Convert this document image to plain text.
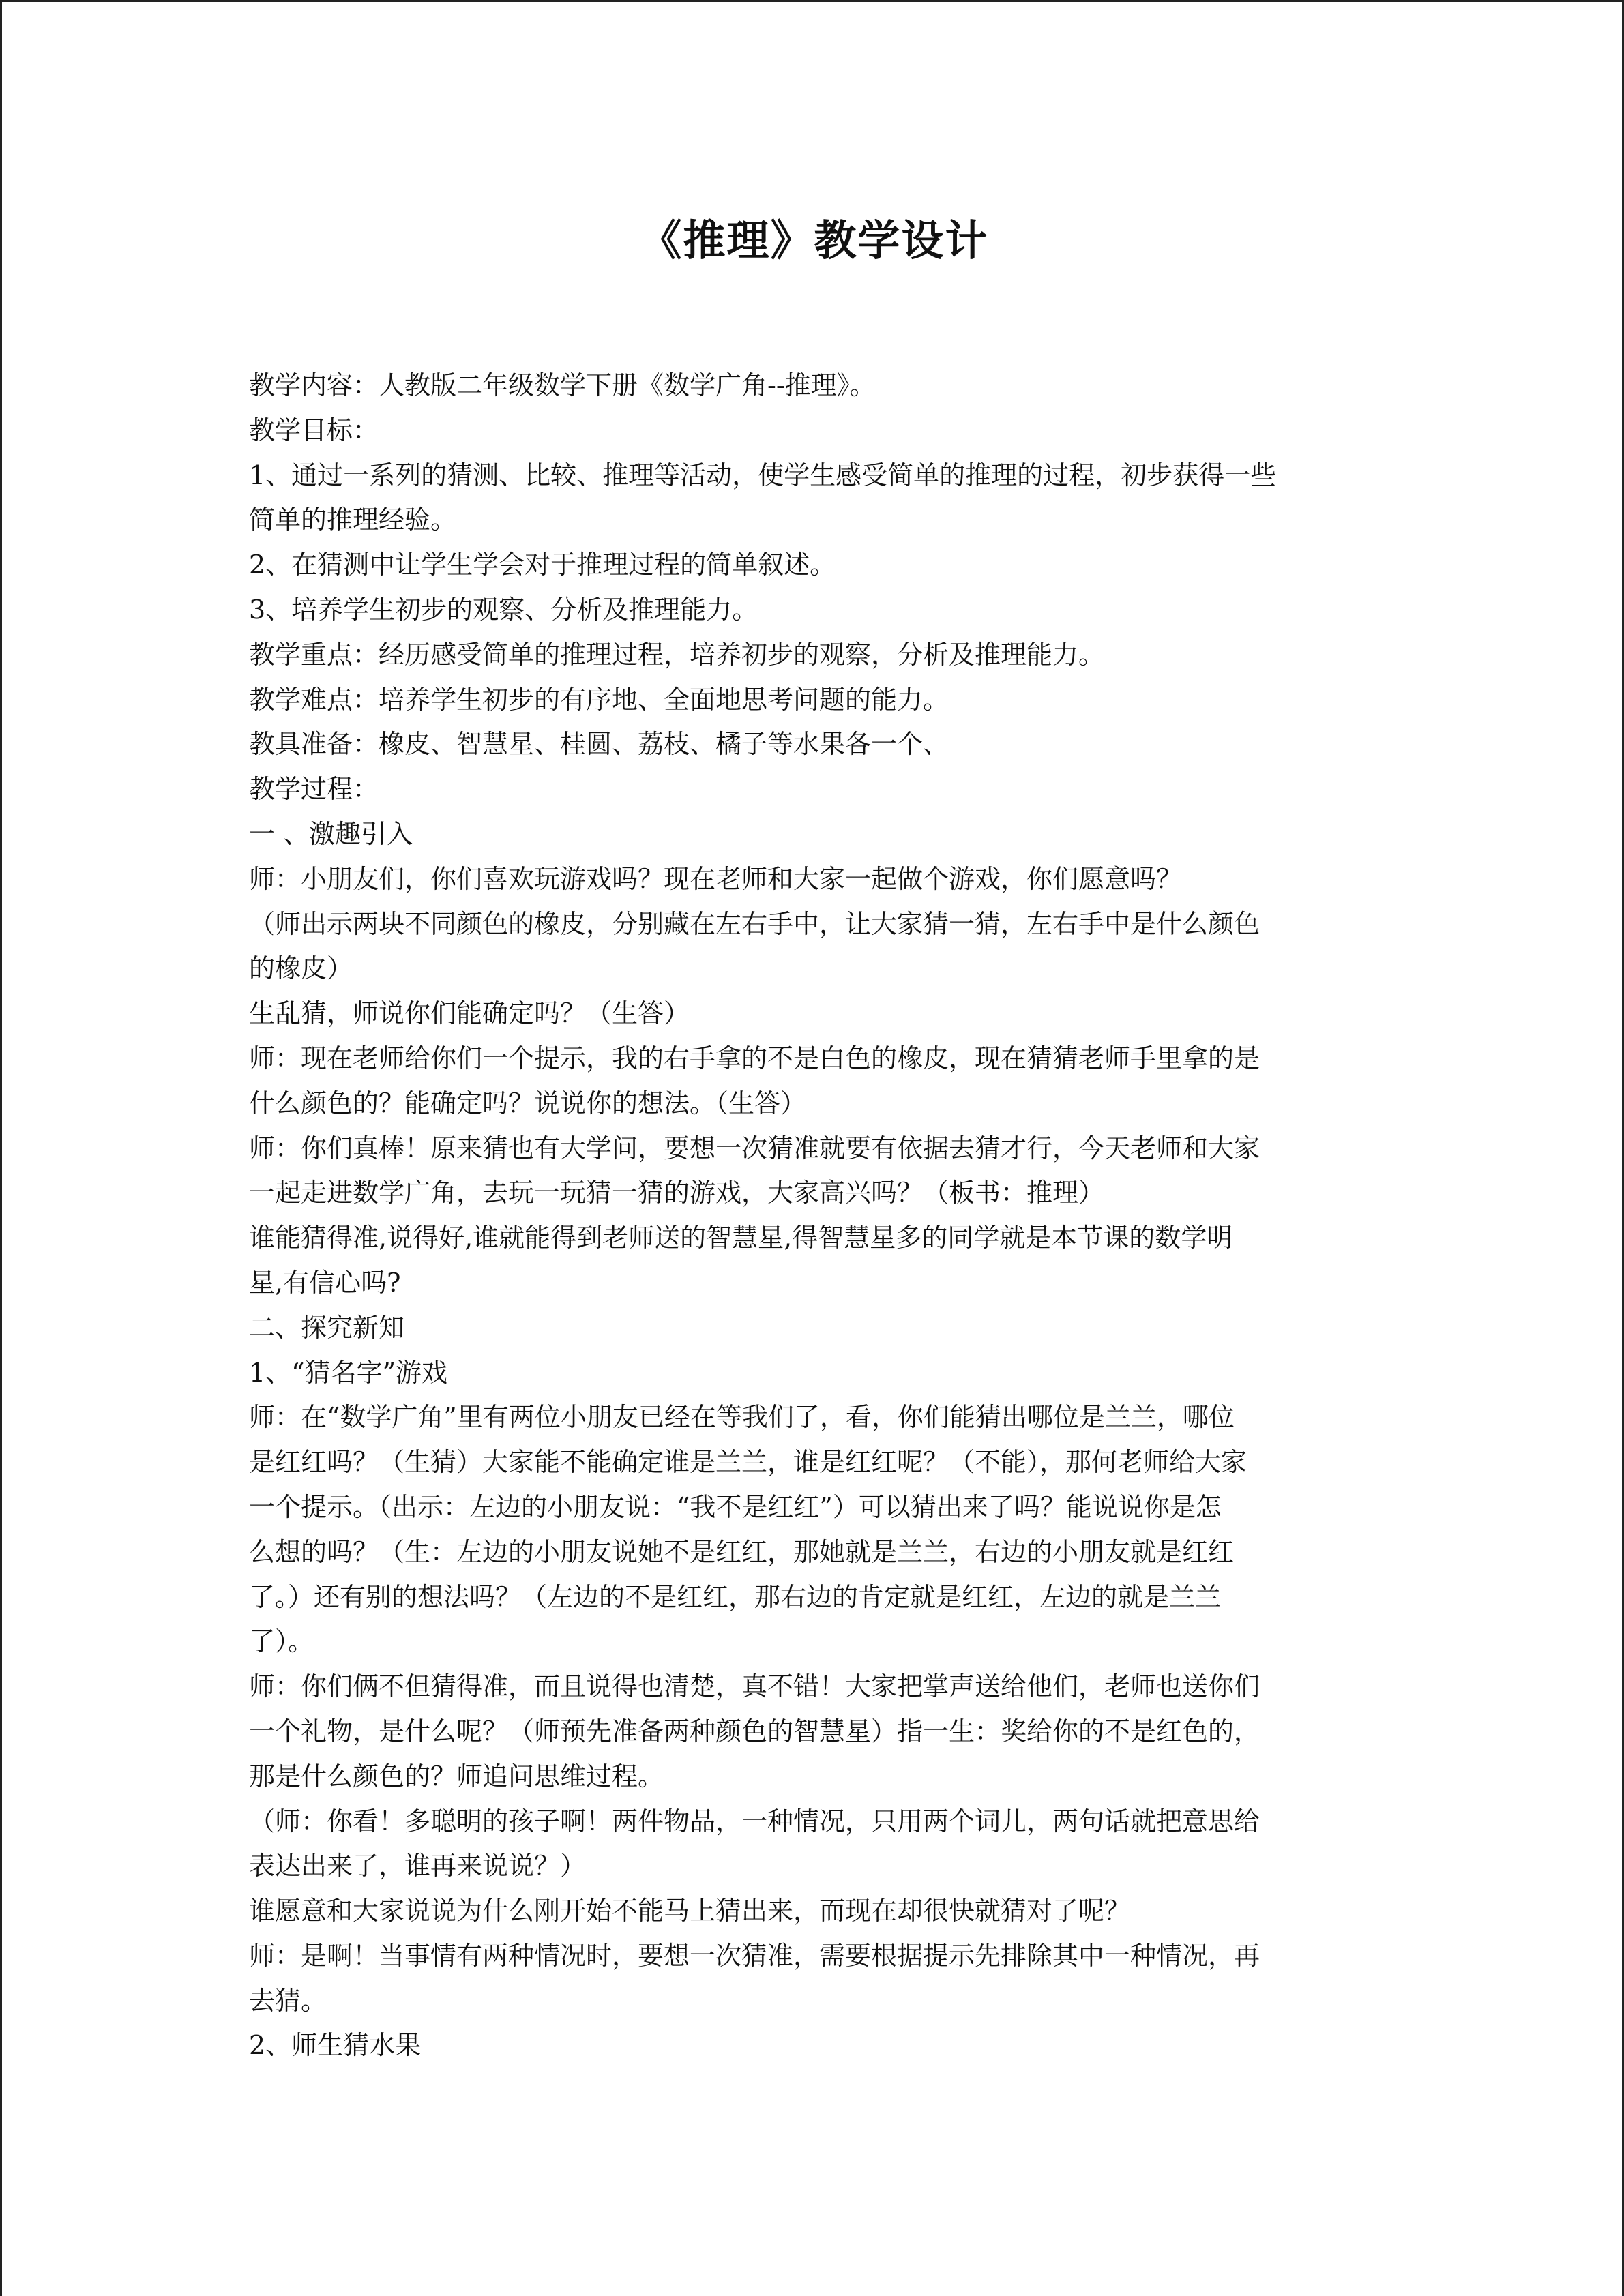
《推理》教学设计
教学内容：人教版二年级数学下册《数学广角--推理》。
教学目标：
1、通过一系列的猜测、比较、推理等活动，使学生感受简单的推理的过程，初步获得一些
简单的推理经验。
2、在猜测中让学生学会对于推理过程的简单叙述。
3、培养学生初步的观察、分析及推理能力。
教学重点：经历感受简单的推理过程，培养初步的观察，分析及推理能力。
教学难点：培养学生初步的有序地、全面地思考问题的能力。
教具准备：橡皮、智慧星、桂圆、荔枝、橘子等水果各一个、
教学过程：
一 、激趣引入
师：小朋友们，你们喜欢玩游戏吗？现在老师和大家一起做个游戏，你们愿意吗？
（师出示两块不同颜色的橡皮，分别藏在左右手中，让大家猜一猜，左右手中是什么颜色
的橡皮）
生乱猜，师说你们能确定吗？（生答）
师：现在老师给你们一个提示，我的右手拿的不是白色的橡皮，现在猜猜老师手里拿的是
什么颜色的？能确定吗？说说你的想法。（生答）
师：你们真棒！原来猜也有大学问，要想一次猜准就要有依据去猜才行，今天老师和大家
一起走进数学广角，去玩一玩猜一猜的游戏，大家高兴吗？（板书：推理）
谁能猜得准,说得好,谁就能得到老师送的智慧星,得智慧星多的同学就是本节课的数学明
星,有信心吗?
二、探究新知
1、“猜名字”游戏
师：在“数学广角”里有两位小朋友已经在等我们了，看，你们能猜出哪位是兰兰，哪位
是红红吗？（生猜）大家能不能确定谁是兰兰，谁是红红呢？（不能），那何老师给大家
一个提示。（出示：左边的小朋友说：“我不是红红”）可以猜出来了吗？能说说你是怎
么想的吗？（生：左边的小朋友说她不是红红，那她就是兰兰，右边的小朋友就是红红
了。）还有别的想法吗？（左边的不是红红，那右边的肯定就是红红，左边的就是兰兰
了）。
师：你们俩不但猜得准，而且说得也清楚，真不错！大家把掌声送给他们，老师也送你们
一个礼物，是什么呢？（师预先准备两种颜色的智慧星）指一生：奖给你的不是红色的，
那是什么颜色的？师追问思维过程。
（师：你看！多聪明的孩子啊！两件物品，一种情况，只用两个词儿，两句话就把意思给
表达出来了，谁再来说说？）
谁愿意和大家说说为什么刚开始不能马上猜出来，而现在却很快就猜对了呢？
师：是啊！当事情有两种情况时，要想一次猜准，需要根据提示先排除其中一种情况，再
去猜。
2、师生猜水果
